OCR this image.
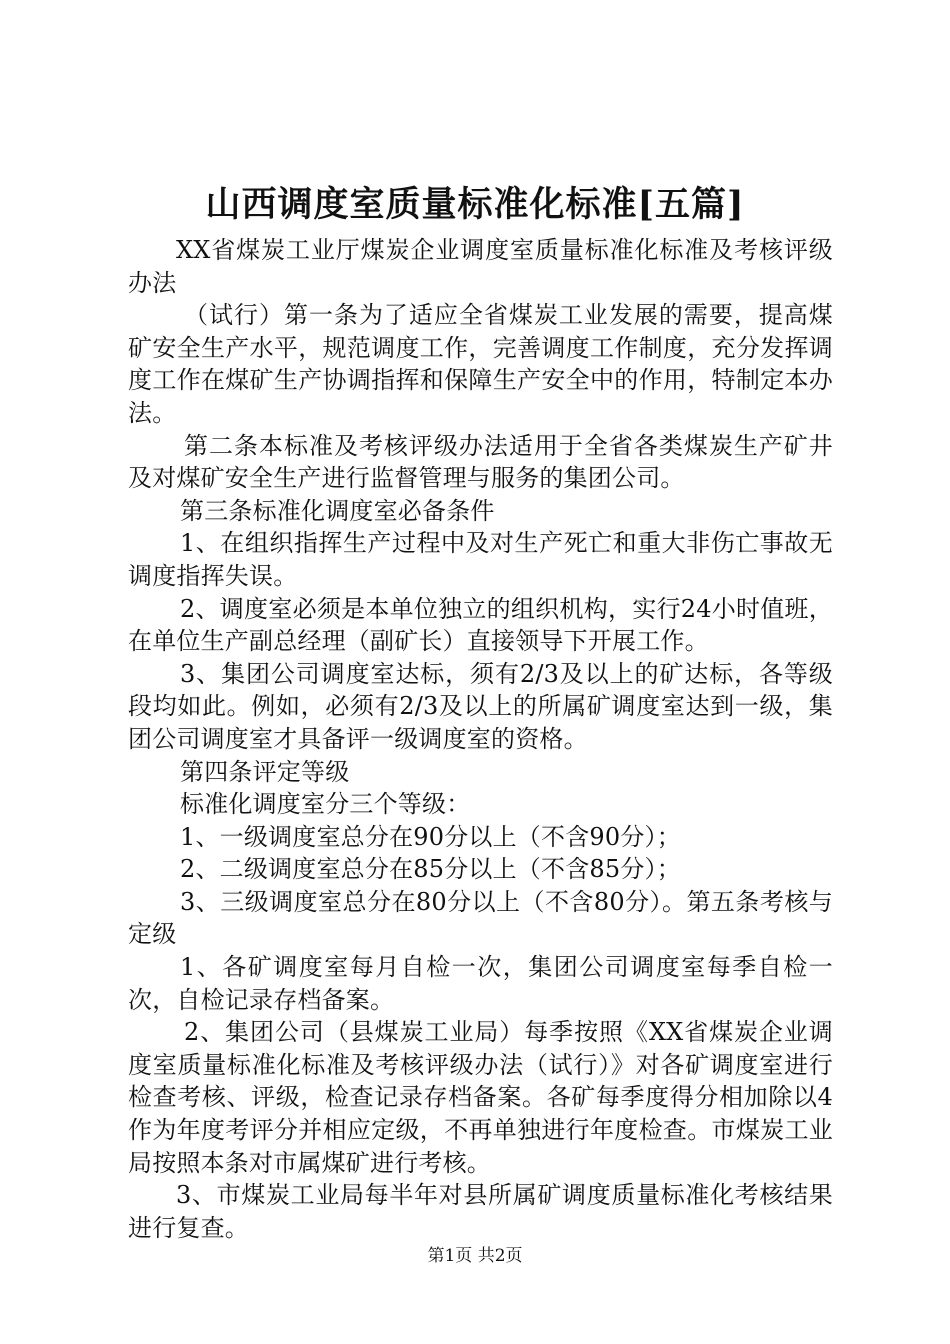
山西调度室质量标准化标准[五篇]

XX省煤炭工业厅煤炭企业调度室质量标准化标准及考核评级办法

（试行）第一条为了适应全省煤炭工业发展的需要，提高煤矿安全生产水平，规范调度工作，完善调度工作制度，充分发挥调度工作在煤矿生产协调指挥和保障生产安全中的作用，特制定本办法。

第二条本标准及考核评级办法适用于全省各类煤炭生产矿井及对煤矿安全生产进行监督管理与服务的集团公司。

第三条标准化调度室必备条件

1、在组织指挥生产过程中及对生产死亡和重大非伤亡事故无调度指挥失误。

2、调度室必须是本单位独立的组织机构，实行24小时值班，在单位生产副总经理（副矿长）直接领导下开展工作。

3、集团公司调度室达标，须有2/3及以上的矿达标，各等级段均如此。例如，必须有2/3及以上的所属矿调度室达到一级，集团公司调度室才具备评一级调度室的资格。

第四条评定等级

标准化调度室分三个等级：

1、一级调度室总分在90分以上（不含90分）；

2、二级调度室总分在85分以上（不含85分）；

3、三级调度室总分在80分以上（不含80分）。第五条考核与定级

1、各矿调度室每月自检一次，集团公司调度室每季自检一次，自检记录存档备案。

2、集团公司（县煤炭工业局）每季按照《XX省煤炭企业调度室质量标准化标准及考核评级办法（试行）》对各矿调度室进行检查考核、评级，检查记录存档备案。各矿每季度得分相加除以4作为年度考评分并相应定级，不再单独进行年度检查。市煤炭工业局按照本条对市属煤矿进行考核。

3、市煤炭工业局每半年对县所属矿调度质量标准化考核结果进行复查。

第1页 共2页
